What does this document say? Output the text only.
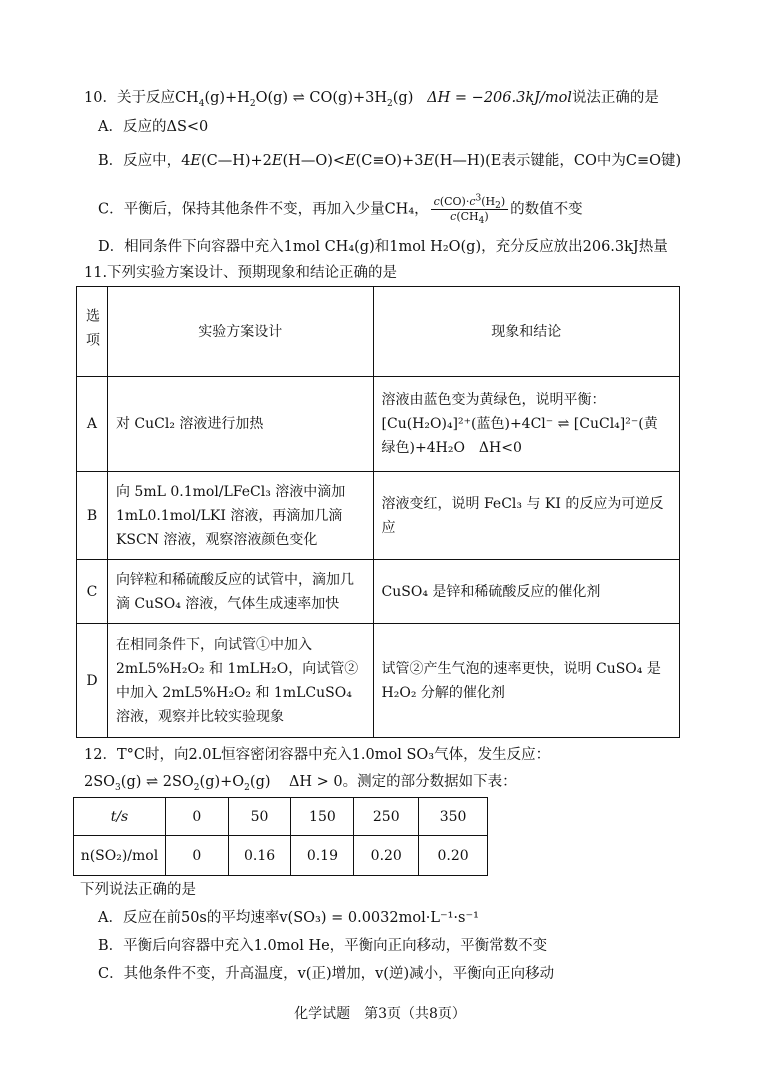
10．关于反应$CH_4(g)+H_2O(g)$ ⇌ $CO(g)+3H_2(g) \Delta H = -206.3kJ/mol$说法正确的是
A．反应的ΔS<0
B．反应中，4E(C—H)+2E(H—O)<E(C≡O)+3E(H—H)(E表示键能，CO中为C≡O键)
C．平衡后，保持其他条件不变，再加入少量CH₄， $\frac{c(CO)\cdot c^3(H_2)}{c(CH_4)}$ 的数值不变
D．相同条件下向容器中充入1mol CH₄(g)和1mol H₂O(g)，充分反应放出206.3kJ热量
11.下列实验方案设计、预期现象和结论正确的是
选项	实验方案设计	现象和结论
A	对 CuCl₂ 溶液进行加热	溶液由蓝色变为黄绿色，说明平衡：[Cu(H₂O)₄]²⁺(蓝色)+4Cl⁻ ⇌ [CuCl₄]²⁻(黄绿色)+4H₂O　ΔH<0
B	向 5mL 0.1mol/LFeCl₃ 溶液中滴加 1mL0.1mol/LKI 溶液，再滴加几滴 KSCN 溶液，观察溶液颜色变化	溶液变红，说明 FeCl₃ 与 KI 的反应为可逆反应
C	向锌粒和稀硫酸反应的试管中，滴加几滴 CuSO₄ 溶液，气体生成速率加快	CuSO₄ 是锌和稀硫酸反应的催化剂
D	在相同条件下，向试管①中加入 2mL5%H₂O₂ 和 1mLH₂O，向试管②中加入 2mL5%H₂O₂ 和 1mLCuSO₄ 溶液，观察并比较实验现象	试管②产生气泡的速率更快，说明 CuSO₄ 是 H₂O₂ 分解的催化剂
12．T°C时，向2.0L恒容密闭容器中充入1.0mol SO₃气体，发生反应：
$2SO_3(g)$ ⇌ $2SO_2(g)+O_2(g)$    ΔH > 0。测定的部分数据如下表：
t/s	0	50	150	250	350
n(SO₂)/mol	0	0.16	0.19	0.20	0.20
下列说法正确的是
A．反应在前50s的平均速率v(SO₃) = 0.0032mol·L⁻¹·s⁻¹
B．平衡后向容器中充入1.0mol He，平衡向正向移动，平衡常数不变
C．其他条件不变，升高温度，v(正)增加，v(逆)减小，平衡向正向移动
化学试题　第3页（共8页）
